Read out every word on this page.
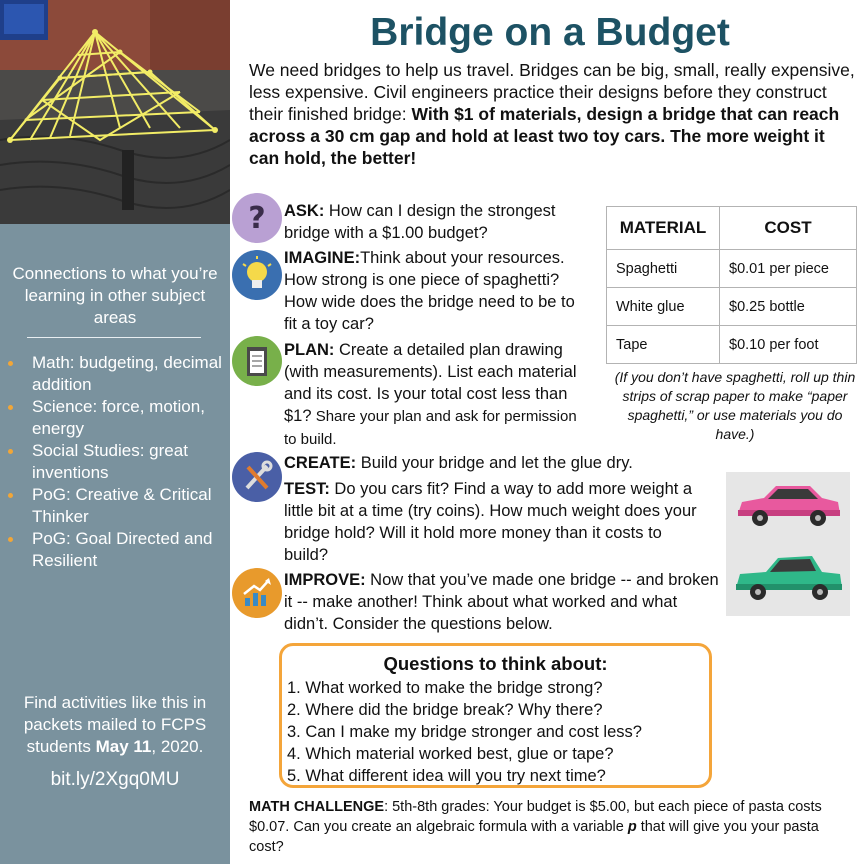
Connections to what you’re learning in other subject areas
Math: budgeting, decimal addition
Science: force, motion, energy
Social Studies: great inventions
PoG: Creative & Critical Thinker
PoG: Goal Directed and Resilient
Find activities like this in packets mailed to FCPS students May 11, 2020.
bit.ly/2Xgq0MU
Bridge on a Budget
We need bridges to help us travel. Bridges can be big, small, really expensive, less expensive. Civil engineers practice their designs before they construct their finished bridge: With $1 of materials, design a bridge that can reach across a 30 cm gap and hold at least two toy cars. The more weight it can hold, the better!
? ASK: How can I design the strongest bridge with a $1.00 budget?
IMAGINE:Think about your resources. How strong is one piece of spaghetti? How wide does the bridge need to be to fit a toy car?
PLAN: Create a detailed plan drawing (with measurements). List each material and its cost. Is your total cost less than $1? Share your plan and ask for permission to build.
CREATE: Build your bridge and let the glue dry.
TEST: Do you cars fit? Find a way to add more weight a little bit at a time (try coins). How much weight does your bridge hold? Will it hold more money than it costs to build?
IMPROVE: Now that you’ve made one bridge -- and broken it -- make another! Think about what worked and what didn’t. Consider the questions below.
MATERIAL	COST
Spaghetti	$0.01 per piece
White glue	$0.25 bottle
Tape	$0.10 per foot
(If you don’t have spaghetti, roll up thin strips of scrap paper to make “paper spaghetti,” or use materials you do have.)
Questions to think about:
1. What worked to make the bridge strong?
2. Where did the bridge break? Why there?
3. Can I make my bridge stronger and cost less?
4. Which material worked best, glue or tape?
5. What different idea will you try next time?
MATH CHALLENGE: 5th-8th grades: Your budget is $5.00, but each piece of pasta costs $0.07. Can you create an algebraic formula with a variable p that will give you your pasta cost?
